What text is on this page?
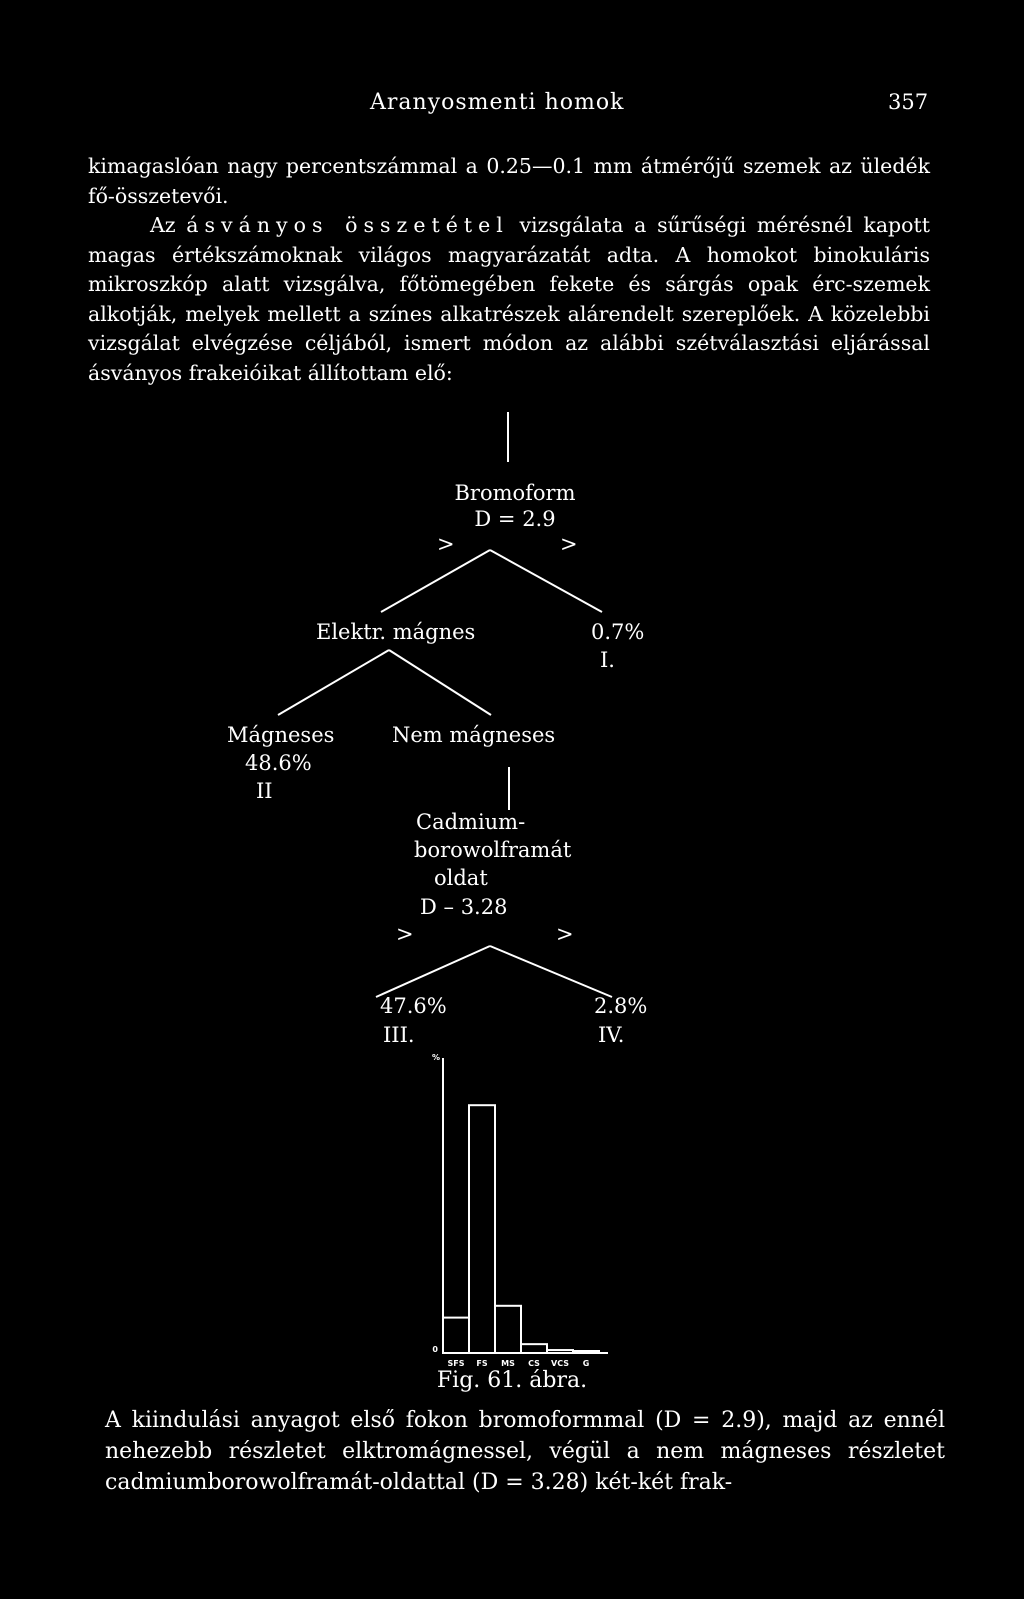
Aranyosmenti homok	357

kimagaslóan nagy percentszámmal a 0.25—0.1 mm átmérőjű szemek az üledék fő-összetevői.

Az ásványos összetétel vizsgálata a sűrűségi mérésnél kapott magas értékszámoknak világos magyarázatát adta. A homokot binokuláris mikroszkóp alatt vizsgálva, főtömegében fekete és sárgás opak érc-szemek alkotják, melyek mellett a színes alkatrészek alárendelt szereplőek. A közelebbi vizsgálat elvégzése céljából, ismert módon az alábbi szétválasztási eljárással ásványos frakeióikat állítottam elő:

%
0
SFS FS MS CS VCS G
Bromoform
D = 2.9
>	>
Elektr. mágnes	0.7%
I.
Mágneses
48.6%
II
Nem mágneses
Cadmium-
borowolframát
oldat
D – 3.28
>	>
47.6%
III.
2.8%
IV.
Fig. 61. ábra.

A kiindulási anyagot első fokon bromoformmal (D = 2.9), majd az ennél nehezebb részletet elktromágnessel, végül a nem mágneses részletet cadmiumborowolframát-oldattal (D = 3.28) két-két frak-
